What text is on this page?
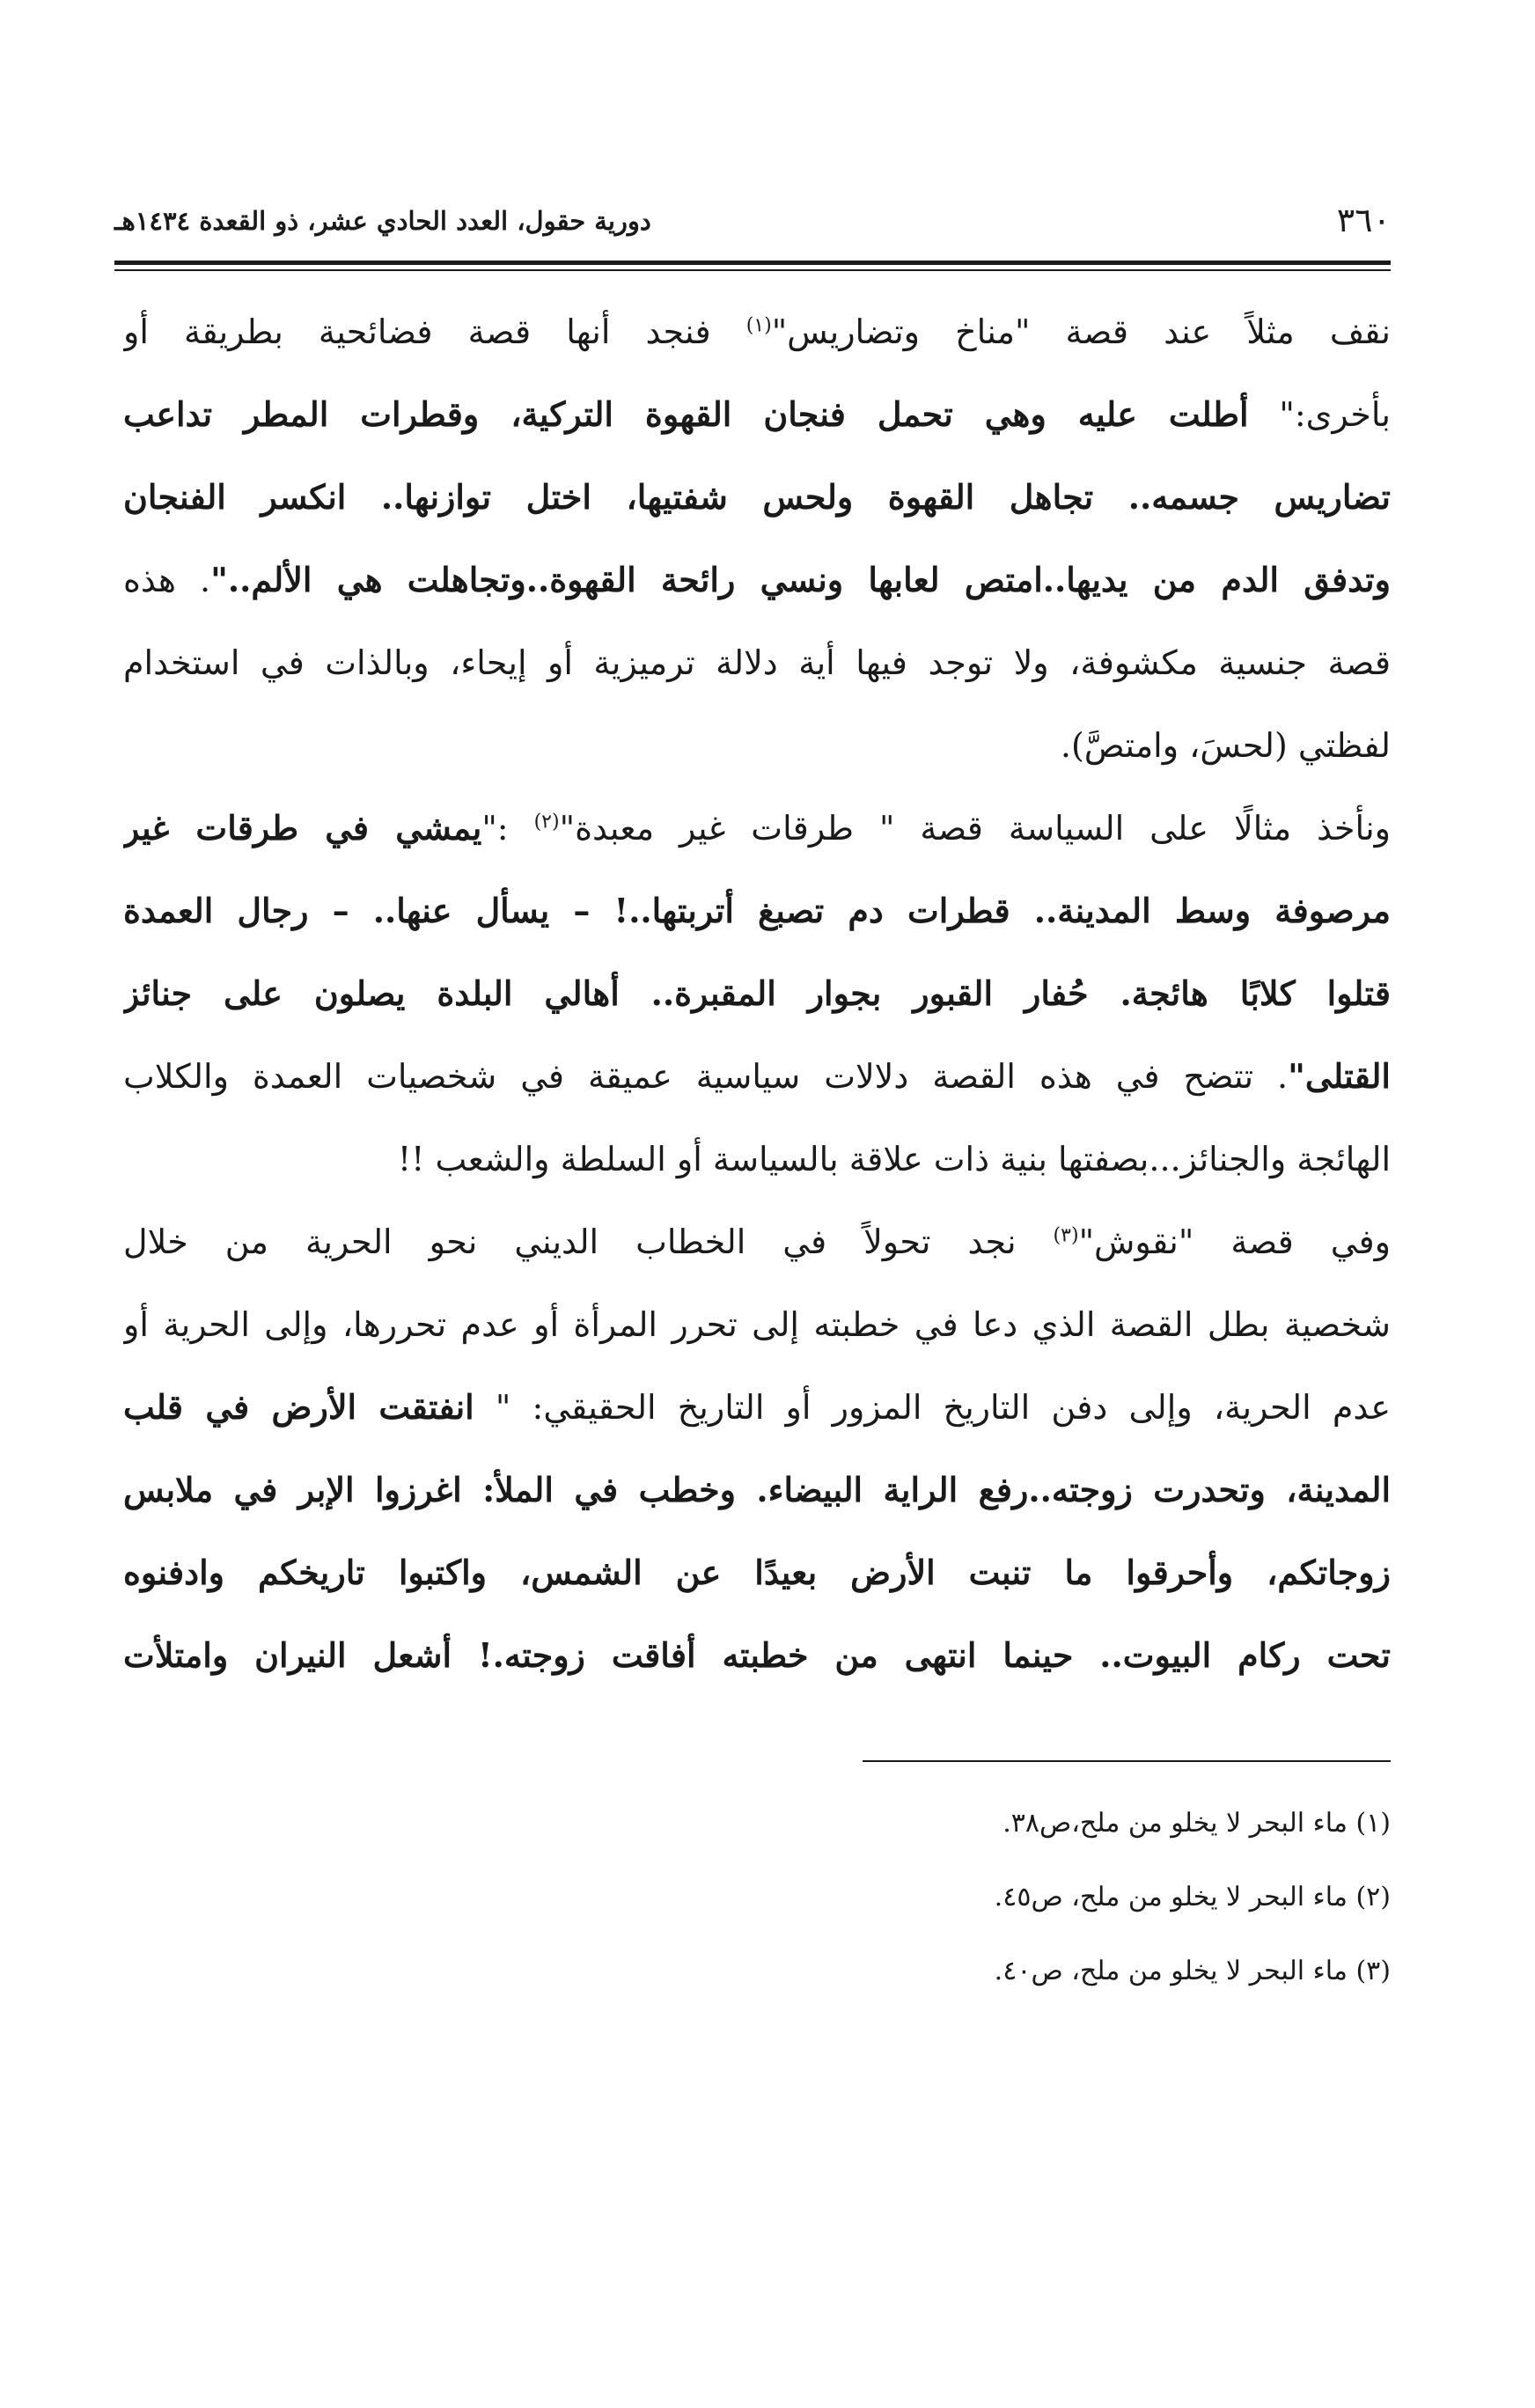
٣٦٠
دورية حقول، العدد الحادي عشر، ذو القعدة ١٤٣٤هـ
نقف مثلاً عند قصة "مناخ وتضاريس"$^{(١)}$ فنجد أنها قصة فضائحية بطريقة أو
بأخرى:" أطلت عليه وهي تحمل فنجان القهوة التركية، وقطرات المطر تداعب
تضاريس جسمه.. تجاهل القهوة ولحس شفتيها، اختل توازنها.. انكسر الفنجان
وتدفق الدم من يديها..امتص لعابها ونسي رائحة القهوة..وتجاهلت هي الألم..". هذه
قصة جنسية مكشوفة، ولا توجد فيها أية دلالة ترميزية أو إيحاء، وبالذات في استخدام
لفظتي (لحسَ، وامتصَّ).
ونأخذ مثالًا على السياسة قصة " طرقات غير معبدة"$^{(٢)}$ :"يمشي في طرقات غير
مرصوفة وسط المدينة.. قطرات دم تصبغ أتربتها..! – يسأل عنها.. – رجال العمدة
قتلوا كلابًا هائجة. حُفار القبور بجوار المقبرة.. أهالي البلدة يصلون على جنائز
القتلى". تتضح في هذه القصة دلالات سياسية عميقة في شخصيات العمدة والكلاب
الهائجة والجنائز...بصفتها بنية ذات علاقة بالسياسة أو السلطة والشعب !!
وفي قصة "نقوش"$^{(٣)}$ نجد تحولاً في الخطاب الديني نحو الحرية من خلال
شخصية بطل القصة الذي دعا في خطبته إلى تحرر المرأة أو عدم تحررها، وإلى الحرية أو
عدم الحرية، وإلى دفن التاريخ المزور أو التاريخ الحقيقي: " انفتقت الأرض في قلب
المدينة، وتحدرت زوجته..رفع الراية البيضاء. وخطب في الملأ: اغرزوا الإبر في ملابس
زوجاتكم، وأحرقوا ما تنبت الأرض بعيدًا عن الشمس، واكتبوا تاريخكم وادفنوه
تحت ركام البيوت.. حينما انتهى من خطبته أفاقت زوجته.! أشعل النيران وامتلأت
(١) ماء البحر لا يخلو من ملح،ص٣٨.
(٢) ماء البحر لا يخلو من ملح، ص٤٥.
(٣) ماء البحر لا يخلو من ملح، ص٤٠.
